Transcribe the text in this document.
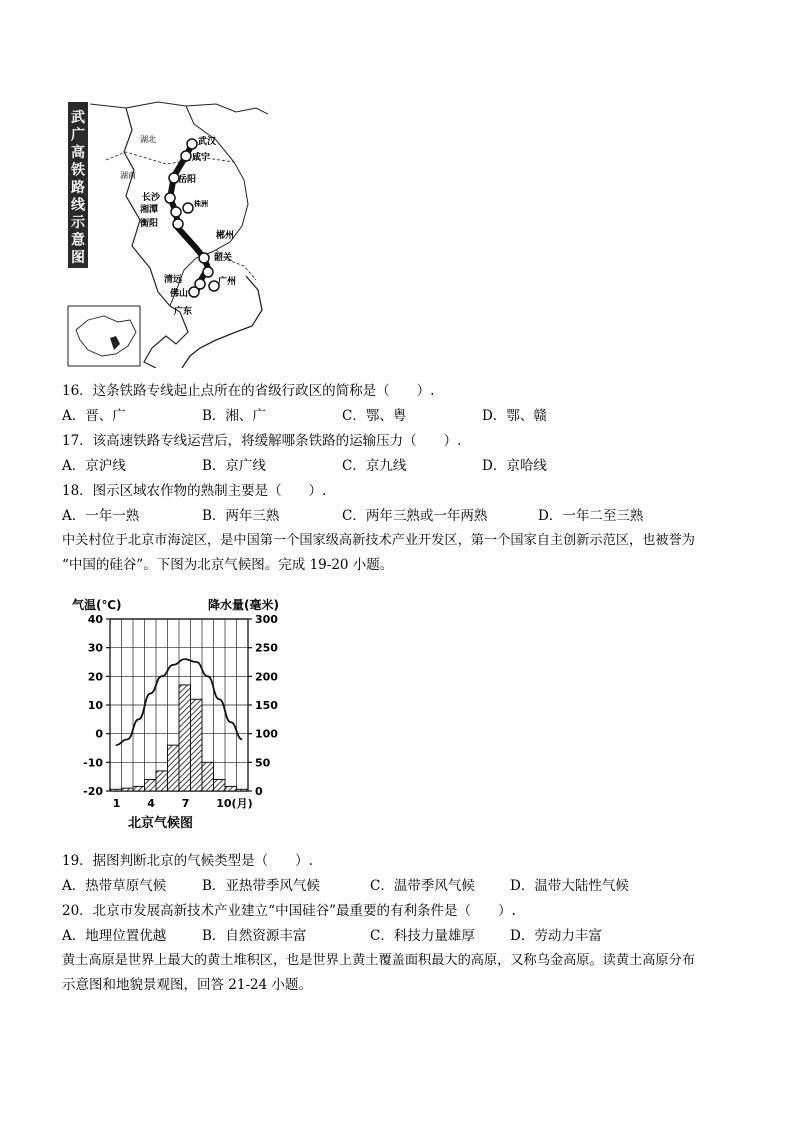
武
广
高
铁
路
线
示
意
图
湖北
湖南
广东
武汉
咸宁
岳阳
长沙
湘潭
株洲
衡阳
郴州
韶关
清远	广州
佛山
16．这条铁路专线起止点所在的省级行政区的简称是（　　）.
A．晋、广	B．湘、广	C．鄂、粤	D．鄂、赣
17．该高速铁路专线运营后，将缓解哪条铁路的运输压力（　　）.
A．京沪线	B．京广线	C．京九线	D．京哈线
18．图示区域农作物的熟制主要是（　　）.
A．一年一熟	B．两年三熟	C．两年三熟或一年两熟	D．一年二至三熟
中关村位于北京市海淀区，是中国第一个国家级高新技术产业开发区，第一个国家自主创新示范区，也被誉为
“中国的硅谷”。下图为北京气候图。完成 19-20 小题。
气温(℃)	降水量(毫米)
40	300
30	250
20	200
10	150
0	100
-10	50
-20	0
1 4 7 10(月)
北京气候图
19．据图判断北京的气候类型是（　　）.
A．热带草原气候	B．亚热带季风气候	C．温带季风气候	D．温带大陆性气候
20．北京市发展高新技术产业建立“中国硅谷”最重要的有利条件是（　　）.
A．地理位置优越	B．自然资源丰富	C．科技力量雄厚	D．劳动力丰富
黄土高原是世界上最大的黄土堆积区，也是世界上黄土覆盖面积最大的高原，又称乌金高原。读黄土高原分布
示意图和地貌景观图，回答 21-24 小题。
